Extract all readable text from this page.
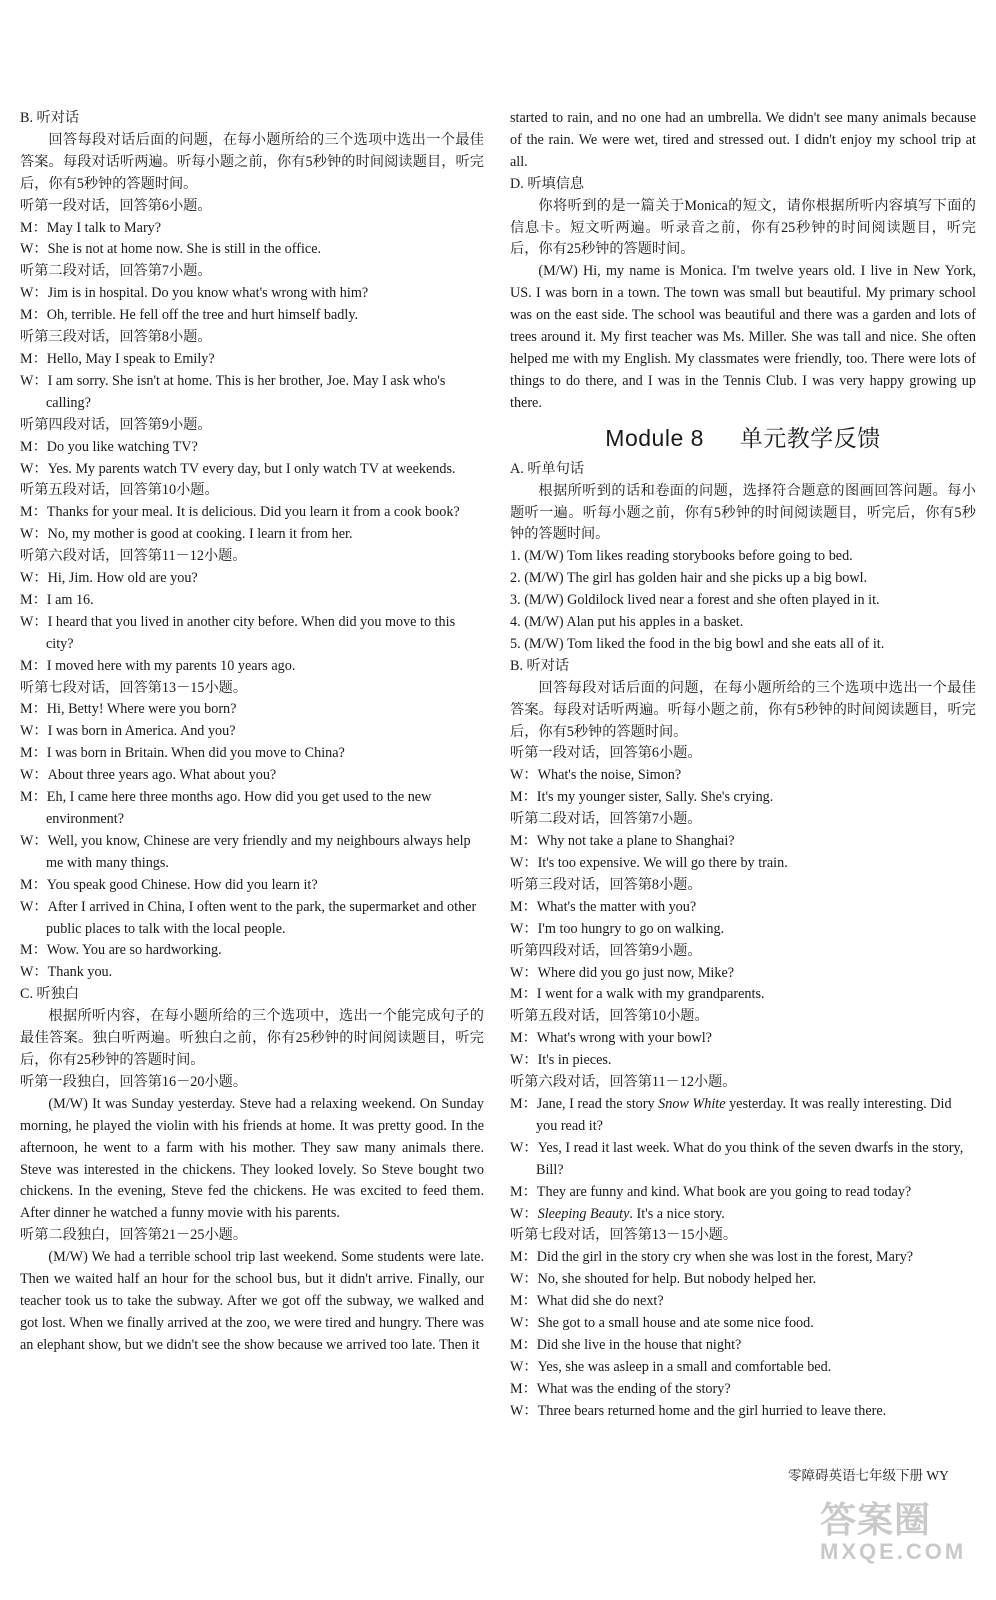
B. 听对话
回答每段对话后面的问题，在每小题所给的三个选项中选出一个最佳答案。每段对话听两遍。听每小题之前，你有5秒钟的时间阅读题目，听完后，你有5秒钟的答题时间。
听第一段对话，回答第6小题。
M：May I talk to Mary?
W：She is not at home now. She is still in the office.
听第二段对话，回答第7小题。
W：Jim is in hospital. Do you know what's wrong with him?
M：Oh, terrible. He fell off the tree and hurt himself badly.
听第三段对话，回答第8小题。
M：Hello, May I speak to Emily?
W：I am sorry. She isn't at home. This is her brother, Joe. May I ask who's calling?
听第四段对话，回答第9小题。
M：Do you like watching TV?
W：Yes. My parents watch TV every day, but I only watch TV at weekends.
听第五段对话，回答第10小题。
M：Thanks for your meal. It is delicious. Did you learn it from a cook book?
W：No, my mother is good at cooking. I learn it from her.
听第六段对话，回答第11－12小题。
W：Hi, Jim. How old are you?
M：I am 16.
W：I heard that you lived in another city before. When did you move to this city?
M：I moved here with my parents 10 years ago.
听第七段对话，回答第13－15小题。
M：Hi, Betty! Where were you born?
W：I was born in America. And you?
M：I was born in Britain. When did you move to China?
W：About three years ago. What about you?
M：Eh, I came here three months ago. How did you get used to the new environment?
W：Well, you know, Chinese are very friendly and my neighbours always help me with many things.
M：You speak good Chinese. How did you learn it?
W：After I arrived in China, I often went to the park, the supermarket and other public places to talk with the local people.
M：Wow. You are so hardworking.
W：Thank you.
C. 听独白
根据所听内容，在每小题所给的三个选项中，选出一个能完成句子的最佳答案。独白听两遍。听独白之前，你有25秒钟的时间阅读题目，听完后，你有25秒钟的答题时间。
听第一段独白，回答第16－20小题。
(M/W) It was Sunday yesterday. Steve had a relaxing weekend. On Sunday morning, he played the violin with his friends at home. It was pretty good. In the afternoon, he went to a farm with his mother. They saw many animals there. Steve was interested in the chickens. They looked lovely. So Steve bought two chickens. In the evening, Steve fed the chickens. He was excited to feed them. After dinner he watched a funny movie with his parents.
听第二段独白，回答第21－25小题。
(M/W) We had a terrible school trip last weekend. Some students were late. Then we waited half an hour for the school bus, but it didn't arrive. Finally, our teacher took us to take the subway. After we got off the subway, we walked and got lost. When we finally arrived at the zoo, we were tired and hungry. There was an elephant show, but we didn't see the show because we arrived too late. Then it
started to rain, and no one had an umbrella. We didn't see many animals because of the rain. We were wet, tired and stressed out. I didn't enjoy my school trip at all.
D. 听填信息
你将听到的是一篇关于Monica的短文，请你根据所听内容填写下面的信息卡。短文听两遍。听录音之前，你有25秒钟的时间阅读题目，听完后，你有25秒钟的答题时间。
(M/W) Hi, my name is Monica. I'm twelve years old. I live in New York, US. I was born in a town. The town was small but beautiful. My primary school was on the east side. The school was beautiful and there was a garden and lots of trees around it. My first teacher was Ms. Miller. She was tall and nice. She often helped me with my English. My classmates were friendly, too. There were lots of things to do there, and I was in the Tennis Club. I was very happy growing up there.
Module 8 单元教学反馈
A. 听单句话
根据所听到的话和卷面的问题，选择符合题意的图画回答问题。每小题听一遍。听每小题之前，你有5秒钟的时间阅读题目，听完后，你有5秒钟的答题时间。
1. (M/W) Tom likes reading storybooks before going to bed.
2. (M/W) The girl has golden hair and she picks up a big bowl.
3. (M/W) Goldilock lived near a forest and she often played in it.
4. (M/W) Alan put his apples in a basket.
5. (M/W) Tom liked the food in the big bowl and she eats all of it.
B. 听对话
回答每段对话后面的问题，在每小题所给的三个选项中选出一个最佳答案。每段对话听两遍。听每小题之前，你有5秒钟的时间阅读题目，听完后，你有5秒钟的答题时间。
听第一段对话，回答第6小题。
W：What's the noise, Simon?
M：It's my younger sister, Sally. She's crying.
听第二段对话，回答第7小题。
M：Why not take a plane to Shanghai?
W：It's too expensive. We will go there by train.
听第三段对话，回答第8小题。
M：What's the matter with you?
W：I'm too hungry to go on walking.
听第四段对话，回答第9小题。
W：Where did you go just now, Mike?
M：I went for a walk with my grandparents.
听第五段对话，回答第10小题。
M：What's wrong with your bowl?
W：It's in pieces.
听第六段对话，回答第11－12小题。
M：Jane, I read the story Snow White yesterday. It was really interesting. Did you read it?
W：Yes, I read it last week. What do you think of the seven dwarfs in the story, Bill?
M：They are funny and kind. What book are you going to read today?
W：Sleeping Beauty. It's a nice story.
听第七段对话，回答第13－15小题。
M：Did the girl in the story cry when she was lost in the forest, Mary?
W：No, she shouted for help. But nobody helped her.
M：What did she do next?
W：She got to a small house and ate some nice food.
M：Did she live in the house that night?
W：Yes, she was asleep in a small and comfortable bed.
M：What was the ending of the story?
W：Three bears returned home and the girl hurried to leave there.
零障碍英语七年级下册 WY
答案圈
MXQE.COM
